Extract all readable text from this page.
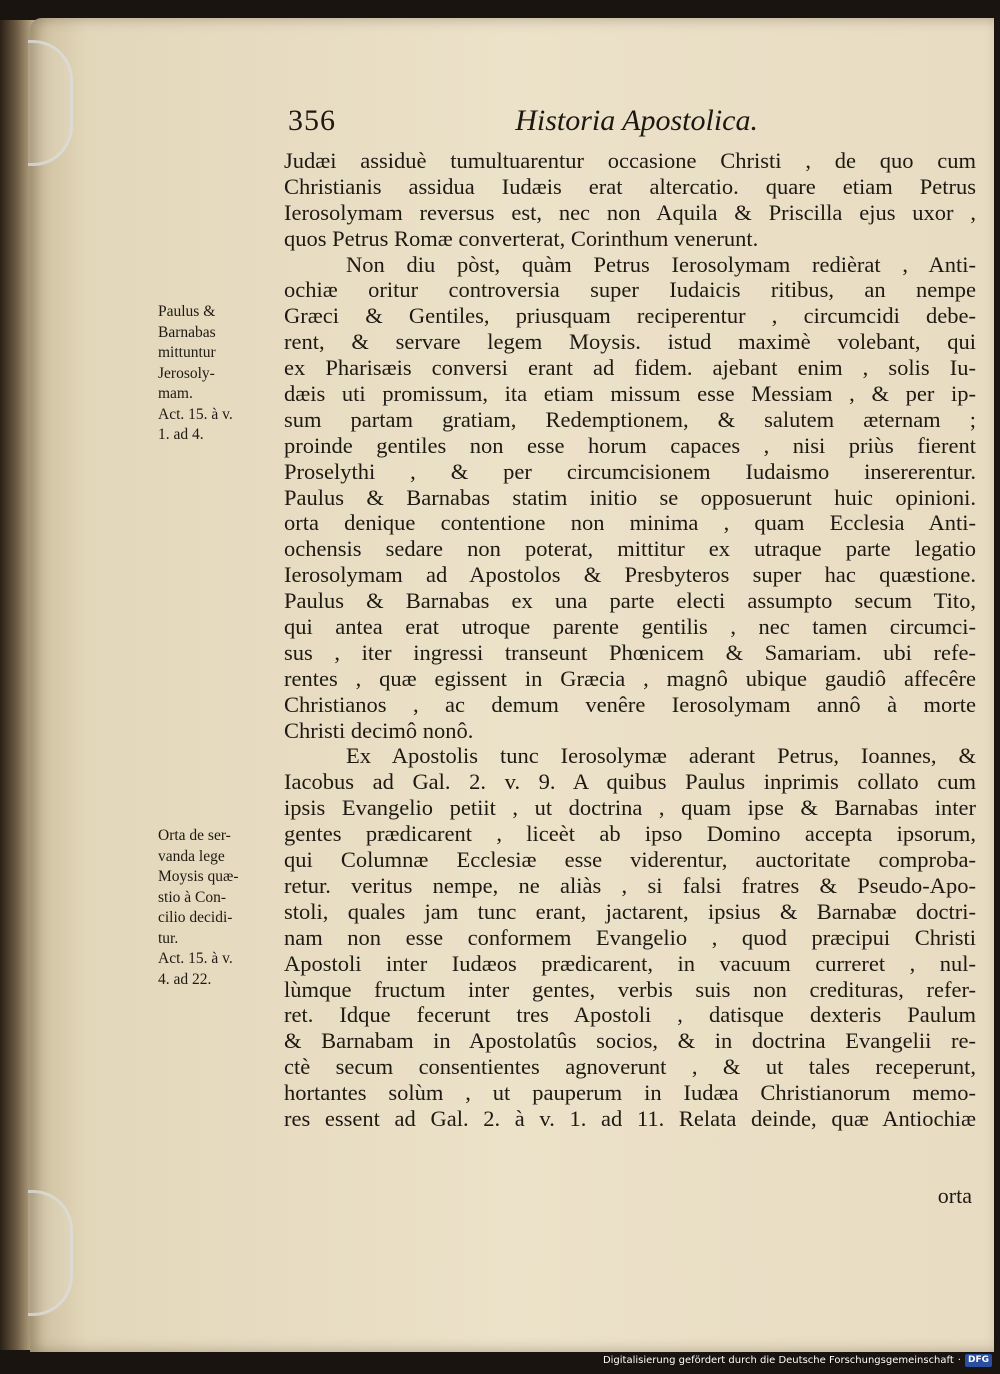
356	Historia Apostolica.
Judæi assiduè tumultuarentur occasione Christi , de quo cum
Christianis assidua Iudæis erat altercatio. quare etiam Petrus
Ierosolymam reversus est, nec non Aquila & Priscilla ejus uxor ,
quos Petrus Romæ converterat, Corinthum venerunt.
Non diu pòst, quàm Petrus Ierosolymam redièrat , Anti-
ochiæ oritur controversia super Iudaicis ritibus, an nempe
Græci & Gentiles, priusquam reciperentur , circumcidi debe-
rent, & servare legem Moysis. istud maximè volebant, qui
ex Pharisæis conversi erant ad fidem. ajebant enim , solis Iu-
dæis uti promissum, ita etiam missum esse Messiam , & per ip-
sum partam gratiam, Redemptionem, & salutem æternam ;
proinde gentiles non esse horum capaces , nisi priùs fierent
Proselythi , & per circumcisionem Iudaismo insererentur.
Paulus & Barnabas statim initio se opposuerunt huic opinioni.
orta denique contentione non minima , quam Ecclesia Anti-
ochensis sedare non poterat, mittitur ex utraque parte legatio
Ierosolymam ad Apostolos & Presbyteros super hac quæstione.
Paulus & Barnabas ex una parte electi assumpto secum Tito,
qui antea erat utroque parente gentilis , nec tamen circumci-
sus , iter ingressi transeunt Phœnicem & Samariam. ubi refe-
rentes , quæ egissent in Græcia , magnô ubique gaudiô affecêre
Christianos , ac demum venêre Ierosolymam annô à morte
Christi decimô nonô.
Ex Apostolis tunc Ierosolymæ aderant Petrus, Ioannes, &
Iacobus ad Gal. 2. v. 9. A quibus Paulus inprimis collato cum
ipsis Evangelio petiit , ut doctrina , quam ipse & Barnabas inter
gentes prædicarent , liceèt ab ipso Domino accepta ipsorum,
qui Columnæ Ecclesiæ esse viderentur, auctoritate comproba-
retur. veritus nempe, ne aliàs , si falsi fratres & Pseudo-Apo-
stoli, quales jam tunc erant, jactarent, ipsius & Barnabæ doctri-
nam non esse conformem Evangelio , quod præcipui Christi
Apostoli inter Iudæos prædicarent, in vacuum curreret , nul-
lùmque fructum inter gentes, verbis suis non credituras, refer-
ret. Idque fecerunt tres Apostoli , datisque dexteris Paulum
& Barnabam in Apostolatûs socios, & in doctrina Evangelii re-
ctè secum consentientes agnoverunt , & ut tales receperunt,
hortantes solùm , ut pauperum in Iudæa Christianorum memo-
res essent ad Gal. 2. à v. 1. ad 11. Relata deinde, quæ Antiochiæ
orta
Paulus &
Barnabas
mittuntur
Jerosoly-
mam.
Act. 15. à v.
1. ad 4.
Orta de ser-
vanda lege
Moysis quæ-
stio à Con-
cilio decidi-
tur.
Act. 15. à v.
4. ad 22.
Digitalisierung gefördert durch die Deutsche Forschungsgemeinschaft · DFG
